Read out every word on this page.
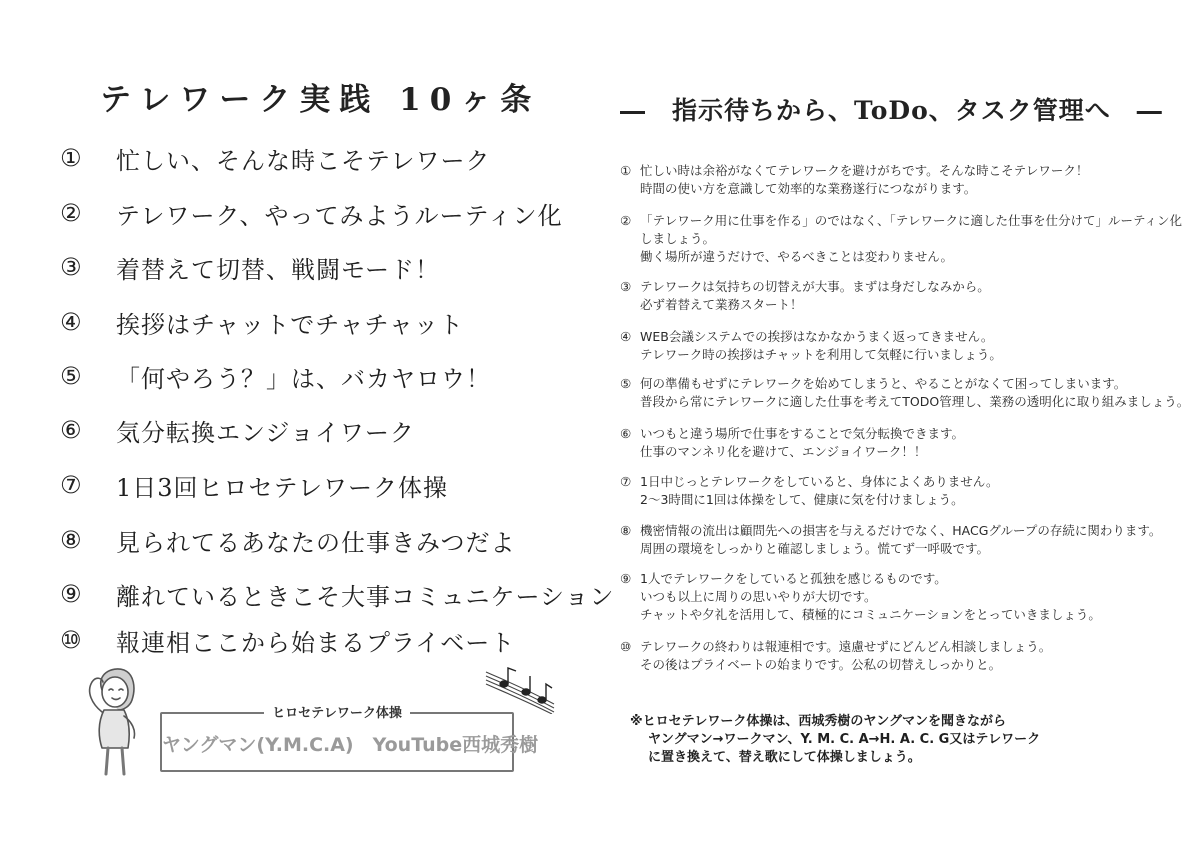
テレワーク実践 10ヶ条
①	忙しい、そんな時こそテレワーク
②	テレワーク、やってみようルーティン化
③	着替えて切替、戦闘モード！
④	挨拶はチャットでチャチャット
⑤	「何やろう？」は、バカヤロウ！
⑥	気分転換エンジョイワーク
⑦	1日3回ヒロセテレワーク体操
⑧	見られてるあなたの仕事きみつだよ
⑨	離れているときこそ大事コミュニケーション
⑩	報連相ここから始まるプライベート
ヒロセテレワーク体操
ヤングマン(Y.M.C.A)　YouTube西城秀樹
―　指示待ちから、ToDo、タスク管理へ　―
① 忙しい時は余裕がなくてテレワークを避けがちです。そんな時こそテレワーク！
時間の使い方を意識して効率的な業務遂行につながります。
② 「テレワーク用に仕事を作る」のではなく、「テレワークに適した仕事を仕分けて」ルーティン化
しましょう。
働く場所が違うだけで、やるべきことは変わりません。
③ テレワークは気持ちの切替えが大事。まずは身だしなみから。
必ず着替えて業務スタート！
④ WEB会議システムでの挨拶はなかなかうまく返ってきません。
テレワーク時の挨拶はチャットを利用して気軽に行いましょう。
⑤ 何の準備もせずにテレワークを始めてしまうと、やることがなくて困ってしまいます。
普段から常にテレワークに適した仕事を考えてTODO管理し、業務の透明化に取り組みましょう。
⑥ いつもと違う場所で仕事をすることで気分転換できます。
仕事のマンネリ化を避けて、エンジョイワーク！！
⑦ 1日中じっとテレワークをしていると、身体によくありません。
2〜3時間に1回は体操をして、健康に気を付けましょう。
⑧ 機密情報の流出は顧問先への損害を与えるだけでなく、HACGグループの存続に関わります。
周囲の環境をしっかりと確認しましょう。慌てず一呼吸です。
⑨ 1人でテレワークをしていると孤独を感じるものです。
いつも以上に周りの思いやりが大切です。
チャットや夕礼を活用して、積極的にコミュニケーションをとっていきましょう。
⑩ テレワークの終わりは報連相です。遠慮せずにどんどん相談しましょう。
その後はプライベートの始まりです。公私の切替えしっかりと。
※ヒロセテレワーク体操は、西城秀樹のヤングマンを聞きながら
ヤングマン→ワークマン、Y. M. C. A→H. A. C. G又はテレワーク
に置き換えて、替え歌にして体操しましょう。
